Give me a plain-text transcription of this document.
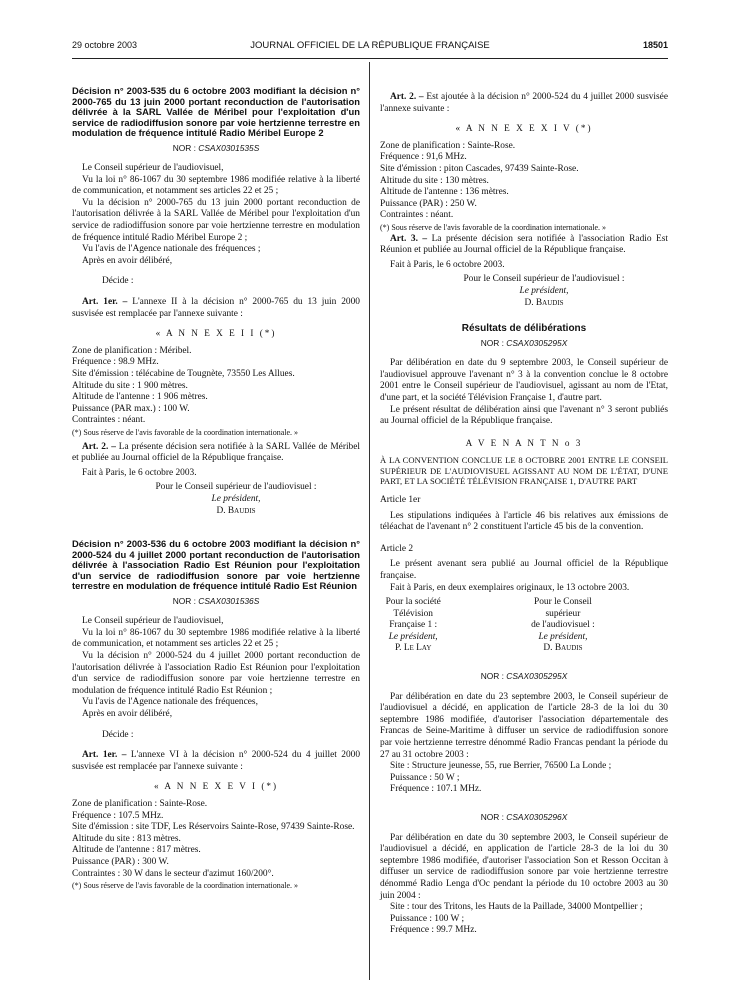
29 octobre 2003	JOURNAL OFFICIEL DE LA RÉPUBLIQUE FRANÇAISE	18501
Décision n° 2003-535 du 6 octobre 2003 modifiant la décision n° 2000-765 du 13 juin 2000 portant reconduction de l'autorisation délivrée à la SARL Vallée de Méribel pour l'exploitation d'un service de radiodiffusion sonore par voie hertzienne terrestre en modulation de fréquence intitulé Radio Méribel Europe 2
NOR : CSAX0301535S

Le Conseil supérieur de l'audiovisuel,

Vu la loi n° 86-1067 du 30 septembre 1986 modifiée relative à la liberté de communication, et notamment ses articles 22 et 25 ;

Vu la décision n° 2000-765 du 13 juin 2000 portant reconduction de l'autorisation délivrée à la SARL Vallée de Méribel pour l'exploitation d'un service de radiodiffusion sonore par voie hertzienne terrestre en modulation de fréquence intitulé Radio Méribel Europe 2 ;

Vu l'avis de l'Agence nationale des fréquences ;

Après en avoir délibéré,

Décide :

Art. 1er. – L'annexe II à la décision n° 2000-765 du 13 juin 2000 susvisée est remplacée par l'annexe suivante :

« A N N E X E I I (*)

Zone de planification : Méribel.

Fréquence : 98.9 MHz.

Site d'émission : télécabine de Tougnète, 73550 Les Allues.

Altitude du site : 1 900 mètres.

Altitude de l'antenne : 1 906 mètres.

Puissance (PAR max.) : 100 W.

Contraintes : néant.

(*) Sous réserve de l'avis favorable de la coordination internationale. »

Art. 2. – La présente décision sera notifiée à la SARL Vallée de Méribel et publiée au Journal officiel de la République française.

Fait à Paris, le 6 octobre 2003.

Pour le Conseil supérieur de l'audiovisuel :
Le président,
D. Baudis
Décision n° 2003-536 du 6 octobre 2003 modifiant la décision n° 2000-524 du 4 juillet 2000 portant reconduction de l'autorisation délivrée à l'association Radio Est Réunion pour l'exploitation d'un service de radiodiffusion sonore par voie hertzienne terrestre en modulation de fréquence intitulé Radio Est Réunion
NOR : CSAX0301536S

Le Conseil supérieur de l'audiovisuel,

Vu la loi n° 86-1067 du 30 septembre 1986 modifiée relative à la liberté de communication, et notamment ses articles 22 et 25 ;

Vu la décision n° 2000-524 du 4 juillet 2000 portant reconduction de l'autorisation délivrée à l'association Radio Est Réunion pour l'exploitation d'un service de radiodiffusion sonore par voie hertzienne terrestre en modulation de fréquence intitulé Radio Est Réunion ;

Vu l'avis de l'Agence nationale des fréquences,

Après en avoir délibéré,

Décide :

Art. 1er. – L'annexe VI à la décision n° 2000-524 du 4 juillet 2000 susvisée est remplacée par l'annexe suivante :

« A N N E X E V I (*)

Zone de planification : Sainte-Rose.

Fréquence : 107.5 MHz.

Site d'émission : site TDF, Les Réservoirs Sainte-Rose, 97439 Sainte-Rose.

Altitude du site : 813 mètres.

Altitude de l'antenne : 817 mètres.

Puissance (PAR) : 300 W.

Contraintes : 30 W dans le secteur d'azimut 160/200°.

(*) Sous réserve de l'avis favorable de la coordination internationale. »

Art. 2. – Est ajoutée à la décision n° 2000-524 du 4 juillet 2000 susvisée l'annexe suivante :

« A N N E X E X I V (*)

Zone de planification : Sainte-Rose.

Fréquence : 91,6 MHz.

Site d'émission : piton Cascades, 97439 Sainte-Rose.

Altitude du site : 130 mètres.

Altitude de l'antenne : 136 mètres.

Puissance (PAR) : 250 W.

Contraintes : néant.

(*) Sous réserve de l'avis favorable de la coordination internationale. »

Art. 3. – La présente décision sera notifiée à l'association Radio Est Réunion et publiée au Journal officiel de la République française.

Fait à Paris, le 6 octobre 2003.

Pour le Conseil supérieur de l'audiovisuel :
Le président,
D. Baudis
Résultats de délibérations
NOR : CSAX0305295X

Par délibération en date du 9 septembre 2003, le Conseil supérieur de l'audiovisuel approuve l'avenant n° 3 à la convention conclue le 8 octobre 2001 entre le Conseil supérieur de l'audiovisuel, agissant au nom de l'Etat, d'une part, et la société Télévision Française 1, d'autre part.

Le présent résultat de délibération ainsi que l'avenant n° 3 seront publiés au Journal officiel de la République française.

A V E N A N T N o 3

À LA CONVENTION CONCLUE LE 8 OCTOBRE 2001 ENTRE LE CONSEIL SUPÉRIEUR DE L'AUDIOVISUEL AGISSANT AU NOM DE L'ÉTAT, D'UNE PART, ET LA SOCIÉTÉ TÉLÉVISION FRANÇAISE 1, D'AUTRE PART

Article 1er

Les stipulations indiquées à l'article 46 bis relatives aux émissions de téléachat de l'avenant n° 2 constituent l'article 45 bis de la convention.

Article 2

Le présent avenant sera publié au Journal officiel de la République française.

Fait à Paris, en deux exemplaires originaux, le 13 octobre 2003.

Pour la société
Télévision Française 1 :
Le président,
P. Le Lay
Pour le Conseil supérieur
de l'audiovisuel :
Le président,
D. Baudis
NOR : CSAX0305295X

Par délibération en date du 23 septembre 2003, le Conseil supérieur de l'audiovisuel a décidé, en application de l'article 28-3 de la loi du 30 septembre 1986 modifiée, d'autoriser l'association départementale des Francas de Seine-Maritime à diffuser un service de radiodiffusion sonore par voie hertzienne terrestre dénommé Radio Francas pendant la période du 27 au 31 octobre 2003 :

Site : Structure jeunesse, 55, rue Berrier, 76500 La Londe ;

Puissance : 50 W ;

Fréquence : 107.1 MHz.

NOR : CSAX0305296X

Par délibération en date du 30 septembre 2003, le Conseil supérieur de l'audiovisuel a décidé, en application de l'article 28-3 de la loi du 30 septembre 1986 modifiée, d'autoriser l'association Son et Resson Occitan à diffuser un service de radiodiffusion sonore par voie hertzienne terrestre dénommé Radio Lenga d'Oc pendant la période du 10 octobre 2003 au 30 juin 2004 :

Site : tour des Tritons, les Hauts de la Paillade, 34000 Montpellier ;

Puissance : 100 W ;

Fréquence : 99.7 MHz.
